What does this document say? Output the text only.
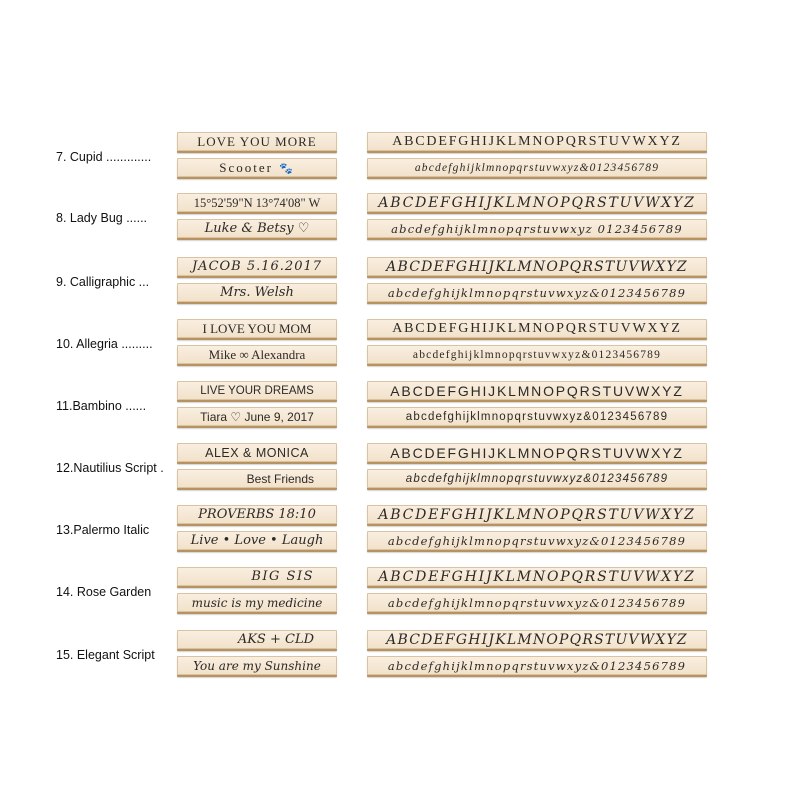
7. Cupid .............
LOVE YOU MORE
Scooter 🐾
ABCDEFGHIJKLMNOPQRSTUVWXYZ
abcdefghijklmnopqrstuvwxyz&0123456789
8. Lady Bug ......
15°52'59"N 13°74'08" W
Luke & Betsy ♡
ABCDEFGHIJKLMNOPQRSTUVWXYZ
abcdefghijklmnopqrstuvwxyz 0123456789
9. Calligraphic ...
JACOB 5.16.2017
Mrs. Welsh
ABCDEFGHIJKLMNOPQRSTUVWXYZ
abcdefghijklmnopqrstuvwxyz&0123456789
10. Allegria .........
I LOVE YOU MOM
Mike ∞ Alexandra
ABCDEFGHIJKLMNOPQRSTUVWXYZ
abcdefghijklmnopqrstuvwxyz&0123456789
11.Bambino ......
LIVE YOUR DREAMS
Tiara ♡ June 9, 2017
ABCDEFGHIJKLMNOPQRSTUVWXYZ
abcdefghijklmnopqrstuvwxyz&0123456789
12.Nautilius Script .
ALEX & MONICA
Best Friends
ABCDEFGHIJKLMNOPQRSTUVWXYZ
abcdefghijklmnopqrstuvwxyz&0123456789
13.Palermo Italic
PROVERBS 18:10
Live • Love • Laugh
ABCDEFGHIJKLMNOPQRSTUVWXYZ
abcdefghijklmnopqrstuvwxyz&0123456789
14. Rose Garden
BIG SIS
music is my medicine
ABCDEFGHIJKLMNOPQRSTUVWXYZ
abcdefghijklmnopqrstuvwxyz&0123456789
15. Elegant Script
AKS + CLD
You are my Sunshine
ABCDEFGHIJKLMNOPQRSTUVWXYZ
abcdefghijklmnopqrstuvwxyz&0123456789
